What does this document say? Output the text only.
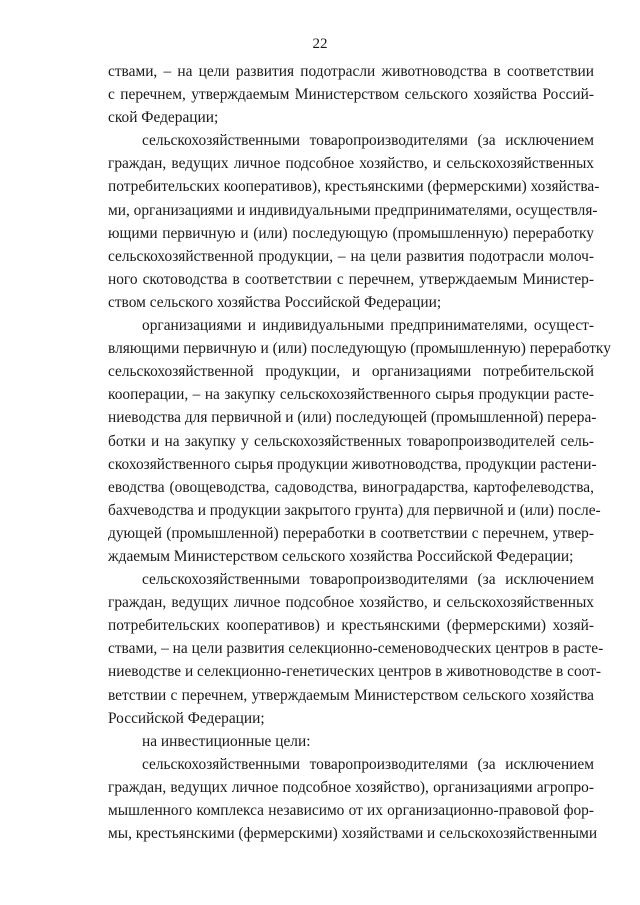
22
ствами, – на цели развития подотрасли животноводства в соответствии
с перечнем, утверждаемым Министерством сельского хозяйства Россий-
ской Федерации;
сельскохозяйственными товаропроизводителями (за исключением
граждан, ведущих личное подсобное хозяйство, и сельскохозяйственных
потребительских кооперативов), крестьянскими (фермерскими) хозяйства-
ми, организациями и индивидуальными предпринимателями, осуществля-
ющими первичную и (или) последующую (промышленную) переработку
сельскохозяйственной продукции, – на цели развития подотрасли молоч-
ного скотоводства в соответствии с перечнем, утверждаемым Министер-
ством сельского хозяйства Российской Федерации;
организациями и индивидуальными предпринимателями, осущест-
вляющими первичную и (или) последующую (промышленную) переработку
сельскохозяйственной продукции, и организациями потребительской
кооперации, – на закупку сельскохозяйственного сырья продукции расте-
ниеводства для первичной и (или) последующей (промышленной) перера-
ботки и на закупку у сельскохозяйственных товаропроизводителей сель-
скохозяйственного сырья продукции животноводства, продукции растени-
еводства (овощеводства, садоводства, виноградарства, картофелеводства,
бахчеводства и продукции закрытого грунта) для первичной и (или) после-
дующей (промышленной) переработки в соответствии с перечнем, утвер-
ждаемым Министерством сельского хозяйства Российской Федерации;
сельскохозяйственными товаропроизводителями (за исключением
граждан, ведущих личное подсобное хозяйство, и сельскохозяйственных
потребительских кооперативов) и крестьянскими (фермерскими) хозяй-
ствами, – на цели развития селекционно-семеноводческих центров в расте-
ниеводстве и селекционно-генетических центров в животноводстве в соот-
ветствии с перечнем, утверждаемым Министерством сельского хозяйства
Российской Федерации;
на инвестиционные цели:
сельскохозяйственными товаропроизводителями (за исключением
граждан, ведущих личное подсобное хозяйство), организациями агропро-
мышленного комплекса независимо от их организационно-правовой фор-
мы, крестьянскими (фермерскими) хозяйствами и сельскохозяйственными
